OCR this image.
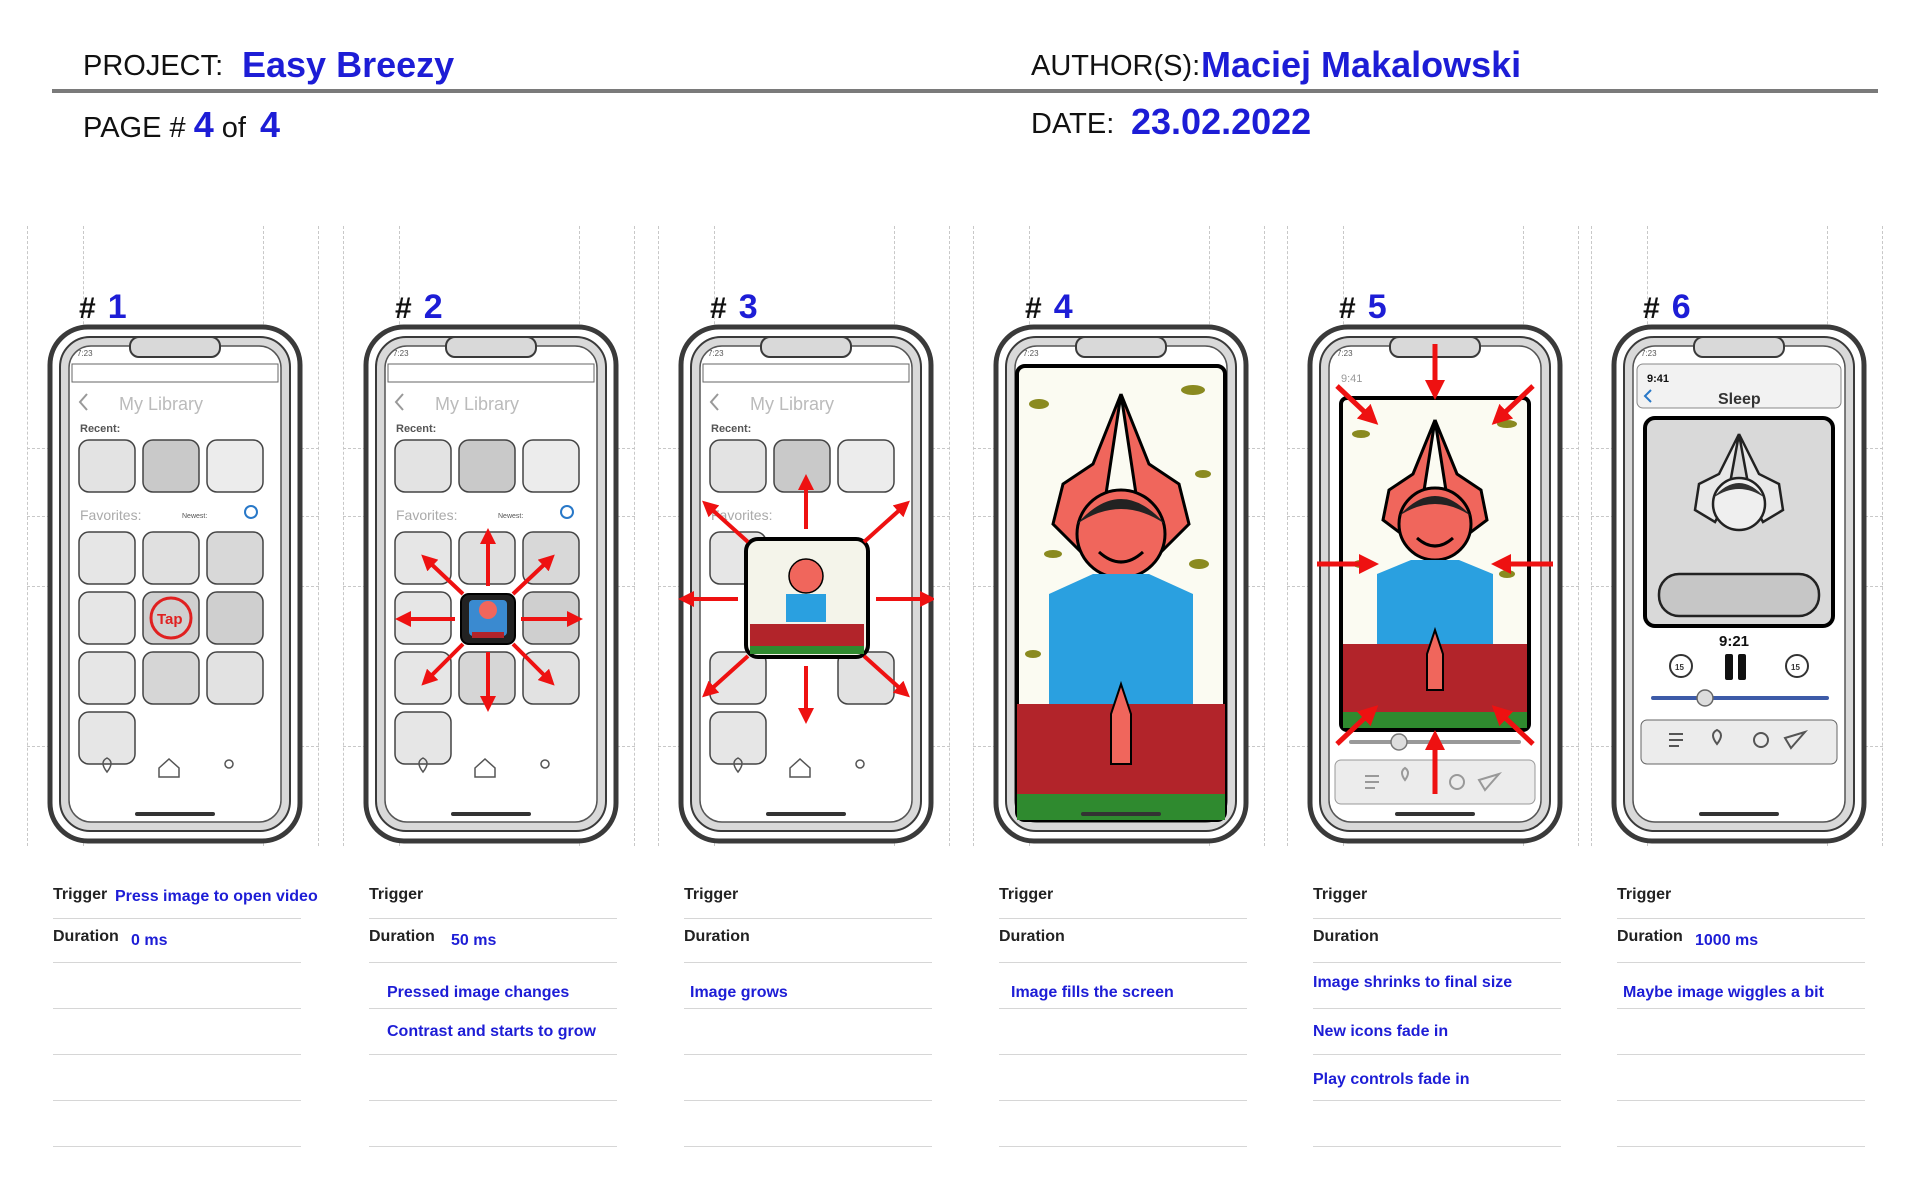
PROJECT: Easy Breezy	AUTHOR(S): Maciej Makalowski
PAGE # 4 of 4	DATE: 23.02.2022
# 1
7:23
My Library
Recent:
Favorites:	Newest:
Tap
Trigger Press image to open video
Duration 0 ms
# 2
7:23
My Library
Recent:
Favorites:	Newest:
Trigger
Duration 50 ms
Pressed image changes
Contrast and starts to grow
# 3
7:23
My Library
Recent:
Favorites:
Trigger
Duration
Image grows
# 4
7:23
Trigger
Duration
Image fills the screen
# 5
7:23
9:41
Trigger
Duration
Image shrinks to final size
New icons fade in
Play controls fade in
# 6
7:23
9:41
Sleep
9:21
15	15
Trigger
Duration 1000 ms
Maybe image wiggles a bit
